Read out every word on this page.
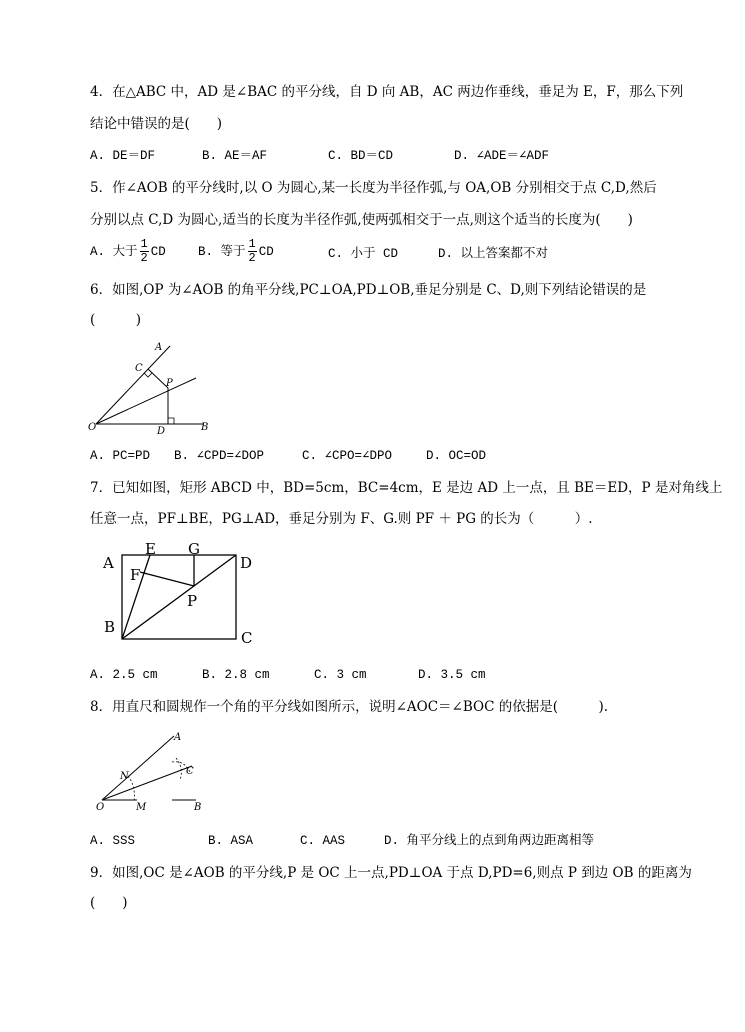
4．在△ABC 中，AD 是∠BAC 的平分线，自 D 向 AB，AC 两边作垂线，垂足为 E，F，那么下列
结论中错误的是(　　)
A. DE＝DF	B. AE＝AF	C. BD＝CD	D. ∠ADE＝∠ADF
5．作∠AOB 的平分线时,以 O 为圆心,某一长度为半径作弧,与 OA,OB 分别相交于点 C,D,然后
分别以点 C,D 为圆心,适当的长度为半径作弧,使两弧相交于一点,则这个适当的长度为(　　)
A. 大于 $\frac{1}{2}$ CD	B. 等于 $\frac{1}{2}$ CD	C. 小于 CD	D. 以上答案都不对
6．如图,OP 为∠AOB 的角平分线,PC⊥OA,PD⊥OB,垂足分别是 C、D,则下列结论错误的是
(　　　)
A
C
P
O	D	B
A. PC=PD B. ∠CPD=∠DOP	C. ∠CPO=∠DPO	D. OC=OD
7．已知如图，矩形 ABCD 中，BD=5cm，BC=4cm，E 是边 AD 上一点，且 BE＝ED，P 是对角线上
任意一点，PF⊥BE，PG⊥AD，垂足分别为 F、G.则 PF ＋ PG 的长为（　　　）.
A
E G
D
F
P
B
C
A. 2.5 cm	B. 2.8 cm	C. 3 cm	D. 3.5 cm
8．用直尺和圆规作一个角的平分线如图所示，说明∠AOC＝∠BOC 的依据是(　　　).
A
N	C
O	M	B
A. SSS	B. ASA	C. AAS	D. 角平分线上的点到角两边距离相等
9．如图,OC 是∠AOB 的平分线,P 是 OC 上一点,PD⊥OA 于点 D,PD=6,则点 P 到边 OB 的距离为
(　　)
